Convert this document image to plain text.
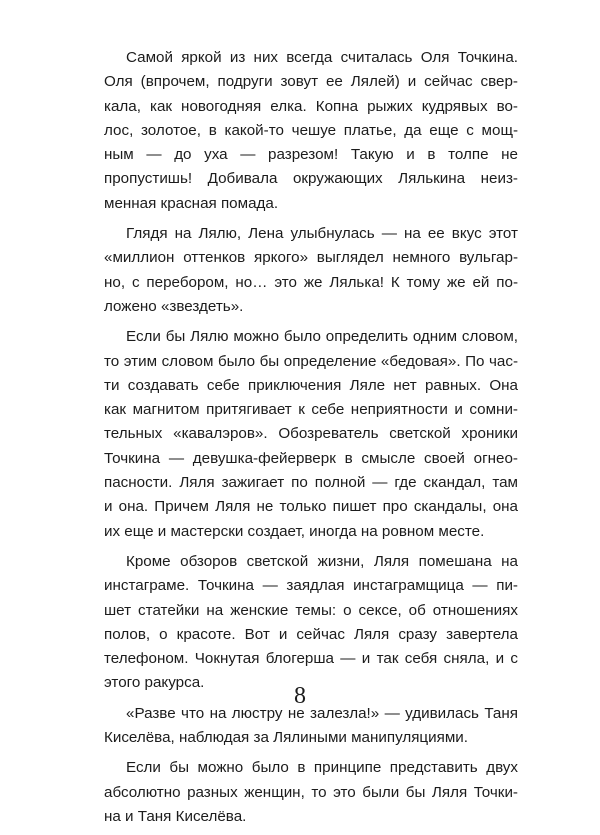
Самой яркой из них всегда считалась Оля Точкина.
Оля (впрочем, подруги зовут ее Лялей) и сейчас свер-
кала, как новогодняя елка. Копна рыжих кудрявых во-
лос, золотое, в какой-то чешуе платье, да еще с мощ-
ным — до уха — разрезом! Такую и в толпе не
пропустишь! Добивала окружающих Лялькина неиз-
менная красная помада.
Глядя на Лялю, Лена улыбнулась — на ее вкус этот
«миллион оттенков яркого» выглядел немного вульгар-
но, с перебором, но… это же Лялька! К тому же ей по-
ложено «звездеть».
Если бы Лялю можно было определить одним словом,
то этим словом было бы определение «бедовая». По час-
ти создавать себе приключения Ляле нет равных. Она
как магнитом притягивает к себе неприятности и сомни-
тельных «кавалэров». Обозреватель светской хроники
Точкина — девушка-фейерверк в смысле своей огнео-
пасности. Ляля зажигает по полной — где скандал, там
и она. Причем Ляля не только пишет про скандалы, она
их еще и мастерски создает, иногда на ровном месте.
Кроме обзоров светской жизни, Ляля помешана на
инстаграме. Точкина — заядлая инстаграмщица — пи-
шет статейки на женские темы: о сексе, об отношениях
полов, о красоте. Вот и сейчас Ляля сразу завертела
телефоном. Чокнутая блогерша — и так себя сняла, и с
этого ракурса.
«Разве что на люстру не залезла!» — удивилась Таня
Киселёва, наблюдая за Лялиными манипуляциями.
Если бы можно было в принципе представить двух
абсолютно разных женщин, то это были бы Ляля Точки-
на и Таня Киселёва.
8
